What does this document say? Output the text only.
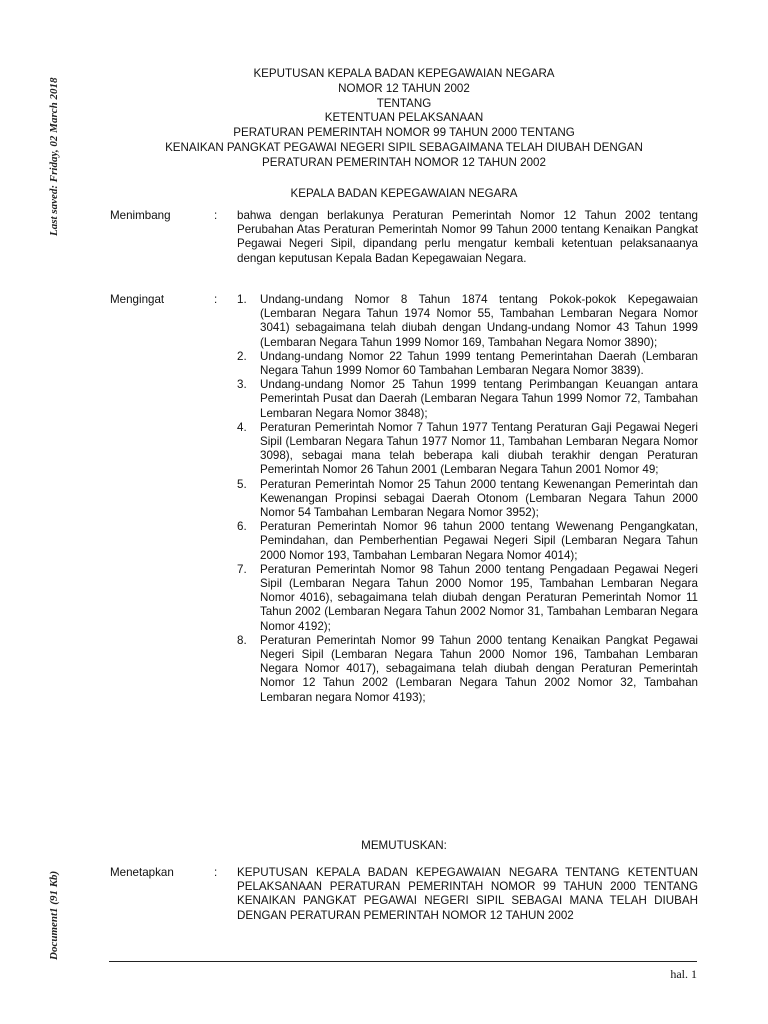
Last saved: Friday, 02 March 2018
Document1 (91 Kb)
KEPUTUSAN KEPALA BADAN KEPEGAWAIAN NEGARA
NOMOR 12 TAHUN 2002
TENTANG
KETENTUAN PELAKSANAAN
PERATURAN PEMERINTAH NOMOR 99 TAHUN 2000 TENTANG
KENAIKAN PANGKAT PEGAWAI NEGERI SIPIL SEBAGAIMANA TELAH DIUBAH DENGAN
PERATURAN PEMERINTAH NOMOR 12 TAHUN 2002
KEPALA BADAN KEPEGAWAIAN NEGARA
Menimbang	: bahwa dengan berlakunya Peraturan Pemerintah Nomor 12 Tahun 2002 tentang Perubahan Atas Peraturan Pemerintah Nomor 99 Tahun 2000 tentang Kenaikan Pangkat Pegawai Negeri Sipil, dipandang perlu mengatur kembali ketentuan pelaksanaanya dengan keputusan Kepala Badan Kepegawaian Negara.
Mengingat	: 1. Undang-undang Nomor 8 Tahun 1874 tentang Pokok-pokok Kepegawaian (Lembaran Negara Tahun 1974 Nomor 55, Tambahan Lembaran Negara Nomor 3041) sebagaimana telah diubah dengan Undang-undang Nomor 43 Tahun 1999 (Lembaran Negara Tahun 1999 Nomor 169, Tambahan Negara Nomor 3890);
2. Undang-undang Nomor 22 Tahun 1999 tentang Pemerintahan Daerah (Lembaran Negara Tahun 1999 Nomor 60 Tambahan Lembaran Negara Nomor 3839).
3. Undang-undang Nomor 25 Tahun 1999 tentang Perimbangan Keuangan antara Pemerintah Pusat dan Daerah (Lembaran Negara Tahun 1999 Nomor 72, Tambahan Lembaran Negara Nomor 3848);
4. Peraturan Pemerintah Nomor 7 Tahun 1977 Tentang Peraturan Gaji Pegawai Negeri Sipil (Lembaran Negara Tahun 1977 Nomor 11, Tambahan Lembaran Negara Nomor 3098), sebagai mana telah beberapa kali diubah terakhir dengan Peraturan Pemerintah Nomor 26 Tahun 2001 (Lembaran Negara Tahun 2001 Nomor 49;
5. Peraturan Pemerintah Nomor 25 Tahun 2000 tentang Kewenangan Pemerintah dan Kewenangan Propinsi sebagai Daerah Otonom (Lembaran Negara Tahun 2000 Nomor 54 Tambahan Lembaran Negara Nomor 3952);
6. Peraturan Pemerintah Nomor 96 tahun 2000 tentang Wewenang Pengangkatan, Pemindahan, dan Pemberhentian Pegawai Negeri Sipil (Lembaran Negara Tahun 2000 Nomor 193, Tambahan Lembaran Negara Nomor 4014);
7. Peraturan Pemerintah Nomor 98 Tahun 2000 tentang Pengadaan Pegawai Negeri Sipil (Lembaran Negara Tahun 2000 Nomor 195, Tambahan Lembaran Negara Nomor 4016), sebagaimana telah diubah dengan Peraturan Pemerintah Nomor 11 Tahun 2002 (Lembaran Negara Tahun 2002 Nomor 31, Tambahan Lembaran Negara Nomor 4192);
8. Peraturan Pemerintah Nomor 99 Tahun 2000 tentang Kenaikan Pangkat Pegawai Negeri Sipil (Lembaran Negara Tahun 2000 Nomor 196, Tambahan Lembaran Negara Nomor 4017), sebagaimana telah diubah dengan Peraturan Pemerintah Nomor 12 Tahun 2002 (Lembaran Negara Tahun 2002 Nomor 32, Tambahan Lembaran negara Nomor 4193);
MEMUTUSKAN:
Menetapkan	: KEPUTUSAN KEPALA BADAN KEPEGAWAIAN NEGARA TENTANG KETENTUAN PELAKSANAAN PERATURAN PEMERINTAH NOMOR 99 TAHUN 2000 TENTANG KENAIKAN PANGKAT PEGAWAI NEGERI SIPIL SEBAGAI MANA TELAH DIUBAH DENGAN PERATURAN PEMERINTAH NOMOR 12 TAHUN 2002
hal. 1
